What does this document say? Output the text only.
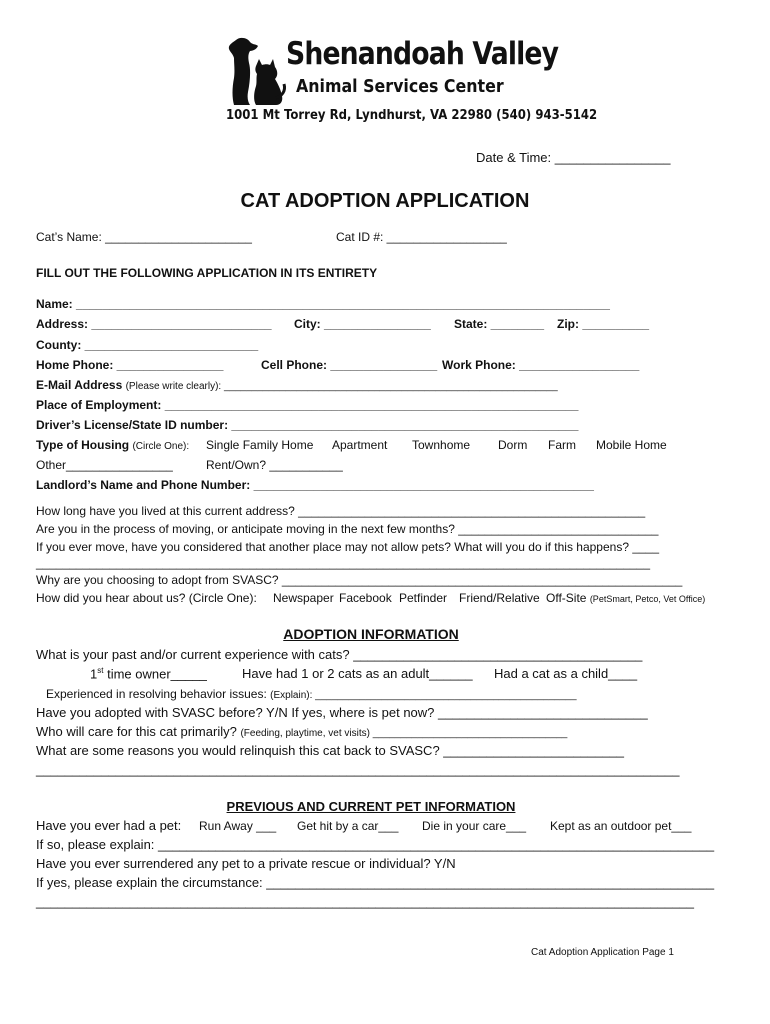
Shenandoah Valley
Animal Services Center
1001 Mt Torrey Rd, Lyndhurst, VA 22980 (540) 943-5142
Date & Time: ________________
CAT ADOPTION APPLICATION
Cat’s Name: ______________________	Cat ID #: __________________
FILL OUT THE FOLLOWING APPLICATION IN ITS ENTIRETY
Name: ________________________________________________________________________________
Address: ___________________________ City: ________________ State: ________ Zip: __________
County: __________________________
Home Phone: ________________	Cell Phone: ________________ Work Phone: __________________
E-Mail Address (Please write clearly): ____________________________________________________________
Place of Employment: ______________________________________________________________
Driver’s License/State ID number: ____________________________________________________
Type of Housing (Circle One): Single Family Home Apartment Townhome Dorm Farm Mobile Home
Other________________	Rent/Own? ___________
Landlord’s Name and Phone Number: ___________________________________________________
How long have you lived at this current address? ____________________________________________________
Are you in the process of moving, or anticipate moving in the next few months? ______________________________
If you ever move, have you considered that another place may not allow pets? What will you do if this happens? ____
____________________________________________________________________________________________
Why are you choosing to adopt from SVASC? ____________________________________________________________
How did you hear about us? (Circle One): Newspaper Facebook Petfinder Friend/Relative Off-Site (PetSmart, Petco, Vet Office)
ADOPTION INFORMATION
What is your past and/or current experience with cats? ________________________________________
1st time owner_____	Have had 1 or 2 cats as an adult______ Had a cat as a child____
Experienced in resolving behavior issues: (Explain): _______________________________________________
Have you adopted with SVASC before? Y/N If yes, where is pet now? _____________________________
Who will care for this cat primarily? (Feeding, playtime, vet visits) ___________________________________
What are some reasons you would relinquish this cat back to SVASC? _________________________
_________________________________________________________________________________________
PREVIOUS AND CURRENT PET INFORMATION
Have you ever had a pet: Run Away ___ Get hit by a car___ Die in your care___ Kept as an outdoor pet___
If so, please explain: _____________________________________________________________________________
Have you ever surrendered any pet to a private rescue or individual? Y/N
If yes, please explain the circumstance: ______________________________________________________________
___________________________________________________________________________________________
Cat Adoption Application Page 1
